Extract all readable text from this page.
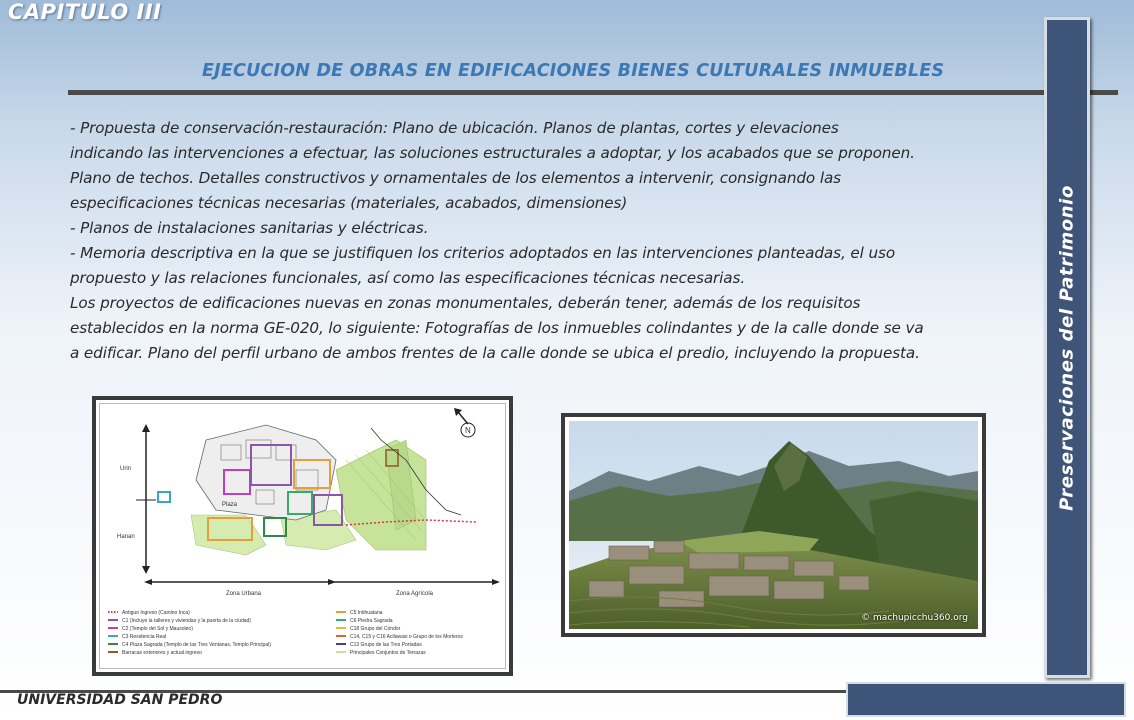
CAPITULO III
EJECUCION DE OBRAS EN EDIFICACIONES BIENES CULTURALES INMUEBLES
- Propuesta de conservación-restauración: Plano de ubicación. Planos de plantas, cortes y elevaciones
indicando las intervenciones a efectuar, las soluciones estructurales a adoptar, y los acabados que se proponen.
Plano de techos. Detalles constructivos y ornamentales de los elementos a intervenir, consignando las
especificaciones técnicas necesarias (materiales, acabados, dimensiones)
- Planos de instalaciones sanitarias y eléctricas.
- Memoria descriptiva en la que se justifiquen los criterios adoptados en las intervenciones planteadas, el uso
propuesto y las relaciones funcionales, así como las especificaciones técnicas necesarias.
Los proyectos de edificaciones nuevas en zonas monumentales, deberán tener, además de los requisitos
establecidos en la norma GE-020, lo siguiente: Fotografías de los inmuebles colindantes y de la calle donde se va
a edificar. Plano del perfil urbano de ambos frentes de la calle donde se ubica el predio, incluyendo la propuesta.
Urin
Hanan
Zona Urbana	Zona Agrícola
Plaza
N
Antiguo Ingreso (Camino Inca)
C1 (Incluye la talleres y viviendas y la puerta de la ciudad)
C2 (Templo del Sol y Mausoleo)
C3 Residencia Real
C4 Plaza Sagrada (Templo de las Tres Ventanas, Templo Principal)
Barracas exteriores y actual ingreso
C5 Intihuatana
C6 Piedra Sagrada
C18 Grupo del Cóndor
C14, C15 y C16 Acllawasi o Grupo de los Morteros
C13 Grupo de las Tres Portadas
Principales Conjuntos de Terrazas
© machupicchu360.org
Preservaciones del Patrimonio

UNIVERSIDAD SAN PEDRO
